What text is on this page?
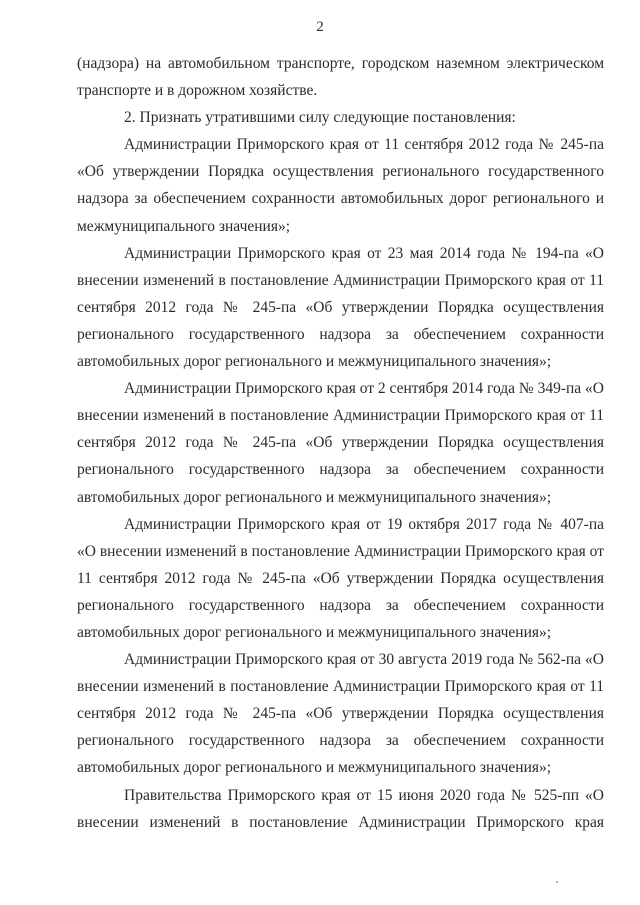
2

(надзора) на автомобильном транспорте, городском наземном электрическом транспорте и в дорожном хозяйстве.

2. Признать утратившими силу следующие постановления:

Администрации Приморского края от 11 сентября 2012 года № 245-па «Об утверждении Порядка осуществления регионального государственного надзора за обеспечением сохранности автомобильных дорог регионального и межмуниципального значения»;

Администрации Приморского края от 23 мая 2014 года № 194-па «О внесении изменений в постановление Администрации Приморского края от 11 сентября 2012 года № 245-па «Об утверждении Порядка осуществления регионального государственного надзора за обеспечением сохранности автомобильных дорог регионального и межмуниципального значения»;

Администрации Приморского края от 2 сентября 2014 года № 349-па «О внесении изменений в постановление Администрации Приморского края от 11 сентября 2012 года № 245-па «Об утверждении Порядка осуществления регионального государственного надзора за обеспечением сохранности автомобильных дорог регионального и межмуниципального значения»;

Администрации Приморского края от 19 октября 2017 года № 407-па «О внесении изменений в постановление Администрации Приморского края от 11 сентября 2012 года № 245-па «Об утверждении Порядка осуществления регионального государственного надзора за обеспечением сохранности автомобильных дорог регионального и межмуниципального значения»;

Администрации Приморского края от 30 августа 2019 года № 562-па «О внесении изменений в постановление Администрации Приморского края от 11 сентября 2012 года № 245-па «Об утверждении Порядка осуществления регионального государственного надзора за обеспечением сохранности автомобильных дорог регионального и межмуниципального значения»;

Правительства Приморского края от 15 июня 2020 года № 525-пп «О внесении изменений в постановление Администрации Приморского края
